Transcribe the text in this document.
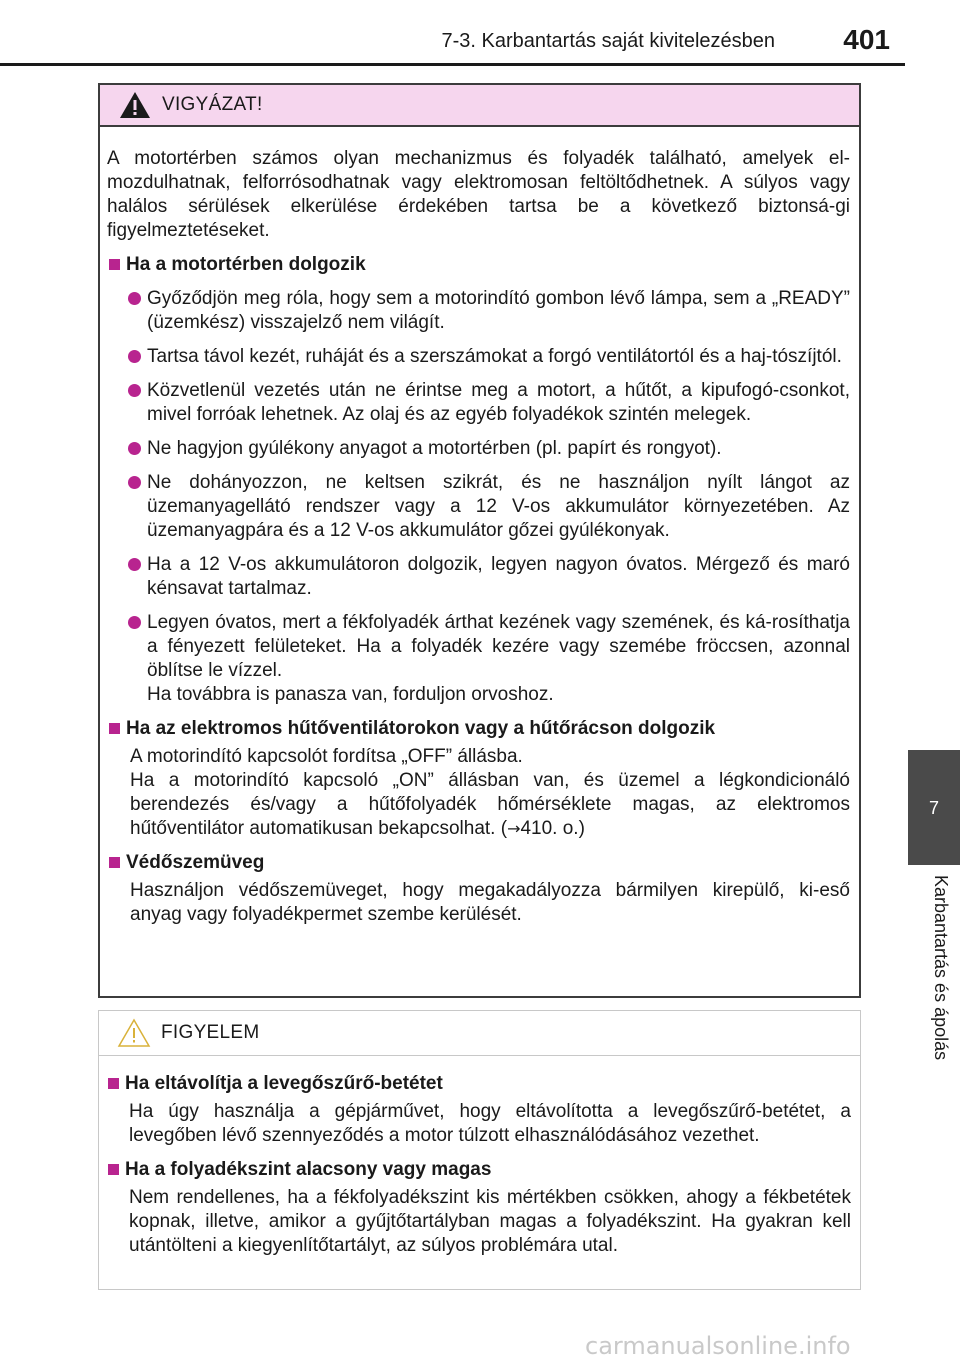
7-3. Karbantartás saját kivitelezésben	401
7
Karbantartás és ápolás
VIGYÁZAT!
A motortérben számos olyan mechanizmus és folyadék található, amelyek el-mozdulhatnak, felforrósodhatnak vagy elektromosan feltöltődhetnek. A súlyos vagy halálos sérülések elkerülése érdekében tartsa be a következő biztonsá-gi figyelmeztetéseket.
Ha a motortérben dolgozik
Győződjön meg róla, hogy sem a motorindító gombon lévő lámpa, sem a „READY” (üzemkész) visszajelző nem világít.
Tartsa távol kezét, ruháját és a szerszámokat a forgó ventilátortól és a haj-tószíjtól.
Közvetlenül vezetés után ne érintse meg a motort, a hűtőt, a kipufogó-csonkot, mivel forróak lehetnek. Az olaj és az egyéb folyadékok szintén melegek.
Ne hagyjon gyúlékony anyagot a motortérben (pl. papírt és rongyot).
Ne dohányozzon, ne keltsen szikrát, és ne használjon nyílt lángot az üzemanyagellátó rendszer vagy a 12 V-os akkumulátor környezetében. Az üzemanyagpára és a 12 V-os akkumulátor gőzei gyúlékonyak.
Ha a 12 V-os akkumulátoron dolgozik, legyen nagyon óvatos. Mérgező és maró kénsavat tartalmaz.
Legyen óvatos, mert a fékfolyadék árthat kezének vagy szemének, és ká-rosíthatja a fényezett felületeket. Ha a folyadék kezére vagy szemébe fröccsen, azonnal öblítse le vízzel.
Ha továbbra is panasza van, forduljon orvoshoz.
Ha az elektromos hűtőventilátorokon vagy a hűtőrácson dolgozik
A motorindító kapcsolót fordítsa „OFF” állásba.
Ha a motorindító kapcsoló „ON” állásban van, és üzemel a légkondicionáló berendezés és/vagy a hűtőfolyadék hőmérséklete magas, az elektromos hűtőventilátor automatikusan bekapcsolhat. (→410. o.)
Védőszemüveg
Használjon védőszemüveget, hogy megakadályozza bármilyen kirepülő, ki-eső anyag vagy folyadékpermet szembe kerülését.
FIGYELEM
Ha eltávolítja a levegőszűrő-betétet
Ha úgy használja a gépjárművet, hogy eltávolította a levegőszűrő-betétet, a levegőben lévő szennyeződés a motor túlzott elhasználódásához vezethet.
Ha a folyadékszint alacsony vagy magas
Nem rendellenes, ha a fékfolyadékszint kis mértékben csökken, ahogy a fékbetétek kopnak, illetve, amikor a gyűjtőtartályban magas a folyadékszint. Ha gyakran kell utántölteni a kiegyenlítőtartályt, az súlyos problémára utal.
carmanualsonline.info
